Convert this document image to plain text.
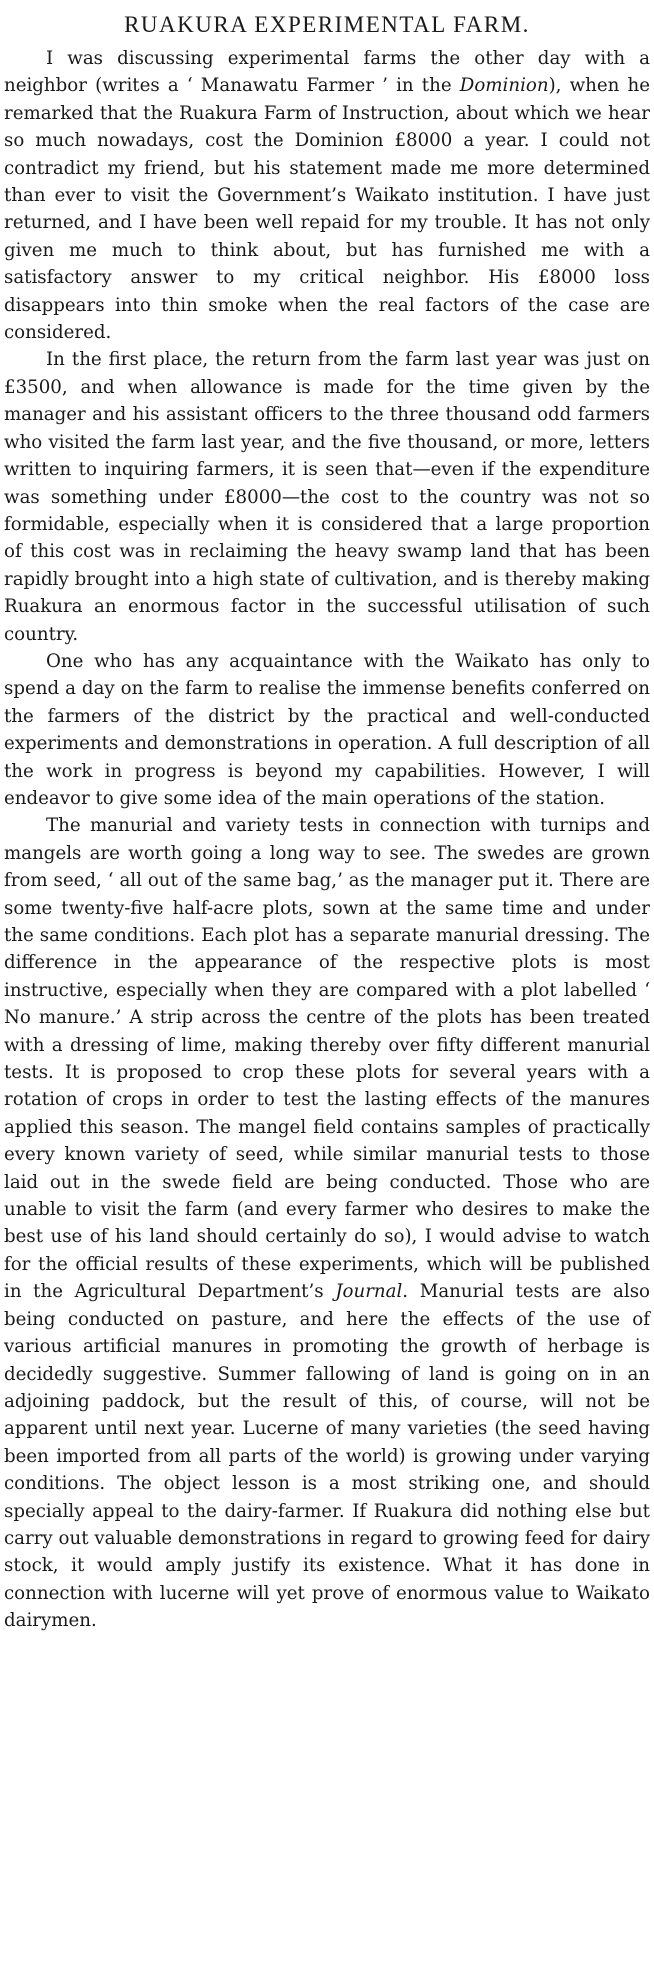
RUAKURA EXPERIMENTAL FARM.

I was discussing experimental farms the other day with a neighbor (writes a ‘ Manawatu Farmer ’ in the Dominion), when he remarked that the Ruakura Farm of Instruction, about which we hear so much nowadays, cost the Dominion £8000 a year. I could not contradict my friend, but his statement made me more determined than ever to visit the Government’s Waikato institution. I have just returned, and I have been well repaid for my trouble. It has not only given me much to think about, but has furnished me with a satisfactory answer to my critical neighbor. His £8000 loss disappears into thin smoke when the real factors of the case are considered.

In the first place, the return from the farm last year was just on £3500, and when allowance is made for the time given by the manager and his assistant officers to the three thousand odd farmers who visited the farm last year, and the five thousand, or more, letters written to inquiring farmers, it is seen that—even if the expenditure was something under £8000—the cost to the country was not so formidable, especially when it is considered that a large proportion of this cost was in reclaiming the heavy swamp land that has been rapidly brought into a high state of cultivation, and is thereby making Ruakura an enormous factor in the successful utilisation of such country.

One who has any acquaintance with the Waikato has only to spend a day on the farm to realise the immense benefits conferred on the farmers of the district by the practical and well-conducted experiments and demonstrations in operation. A full description of all the work in progress is beyond my capabilities. However, I will endeavor to give some idea of the main operations of the station.

The manurial and variety tests in connection with turnips and mangels are worth going a long way to see. The swedes are grown from seed, ‘ all out of the same bag,’ as the manager put it. There are some twenty-five half-acre plots, sown at the same time and under the same conditions. Each plot has a separate manurial dressing. The difference in the appearance of the respective plots is most instructive, especially when they are compared with a plot labelled ‘ No manure.’ A strip across the centre of the plots has been treated with a dressing of lime, making thereby over fifty different manurial tests. It is proposed to crop these plots for several years with a rotation of crops in order to test the lasting effects of the manures applied this season. The mangel field contains samples of practically every known variety of seed, while similar manurial tests to those laid out in the swede field are being conducted. Those who are unable to visit the farm (and every farmer who desires to make the best use of his land should certainly do so), I would advise to watch for the official results of these experiments, which will be published in the Agricultural Department’s Journal. Manurial tests are also being conducted on pasture, and here the effects of the use of various artificial manures in promoting the growth of herbage is decidedly suggestive. Summer fallowing of land is going on in an adjoining paddock, but the result of this, of course, will not be apparent until next year. Lucerne of many varieties (the seed having been imported from all parts of the world) is growing under varying conditions. The object lesson is a most striking one, and should specially appeal to the dairy-farmer. If Ruakura did nothing else but carry out valuable demonstrations in regard to growing feed for dairy stock, it would amply justify its existence. What it has done in connection with lucerne will yet prove of enormous value to Waikato dairymen.
